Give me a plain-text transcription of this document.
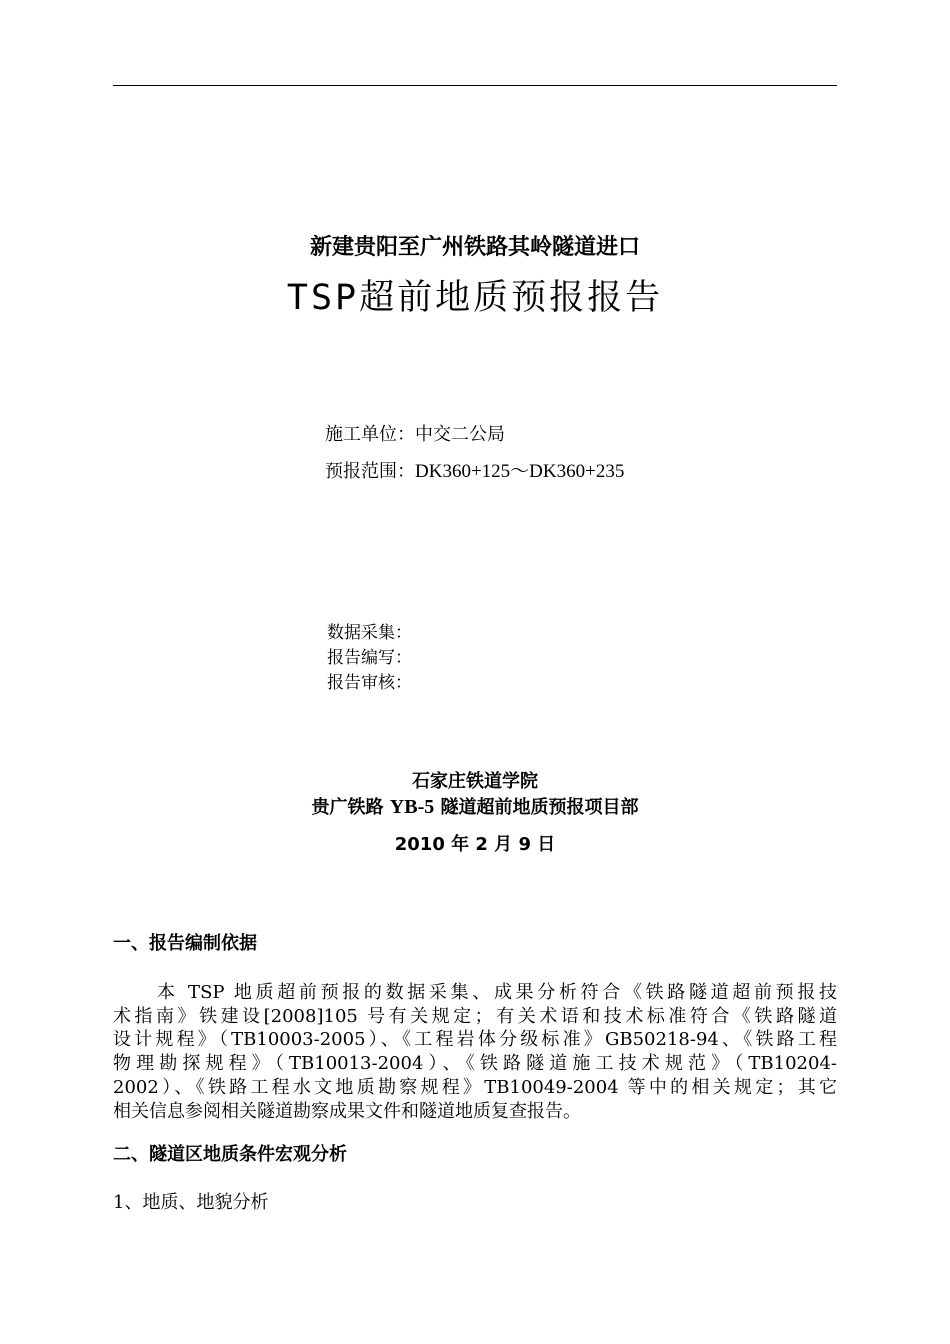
新建贵阳至广州铁路其岭隧道进口
TSP超前地质预报报告
施工单位：中交二公局
预报范围：DK360+125～DK360+235
数据采集：
报告编写：
报告审核：
石家庄铁道学院
贵广铁路 YB-5 隧道超前地质预报项目部
2010 年 2 月 9 日
一、报告编制依据
本 TSP 地质超前预报的数据采集、成果分析符合《铁路隧道超前预报技
术指南》铁建设[2008]105 号有关规定；有关术语和技术标准符合《铁路隧道
设计规程》（TB10003-2005）、《工程岩体分级标准》GB50218-94、《铁路工程
物理勘探规程》（TB10013-2004）、《铁路隧道施工技术规范》（TB10204-
2002）、《铁路工程水文地质勘察规程》TB10049-2004 等中的相关规定；其它
相关信息参阅相关隧道勘察成果文件和隧道地质复查报告。
二、隧道区地质条件宏观分析
1、地质、地貌分析
